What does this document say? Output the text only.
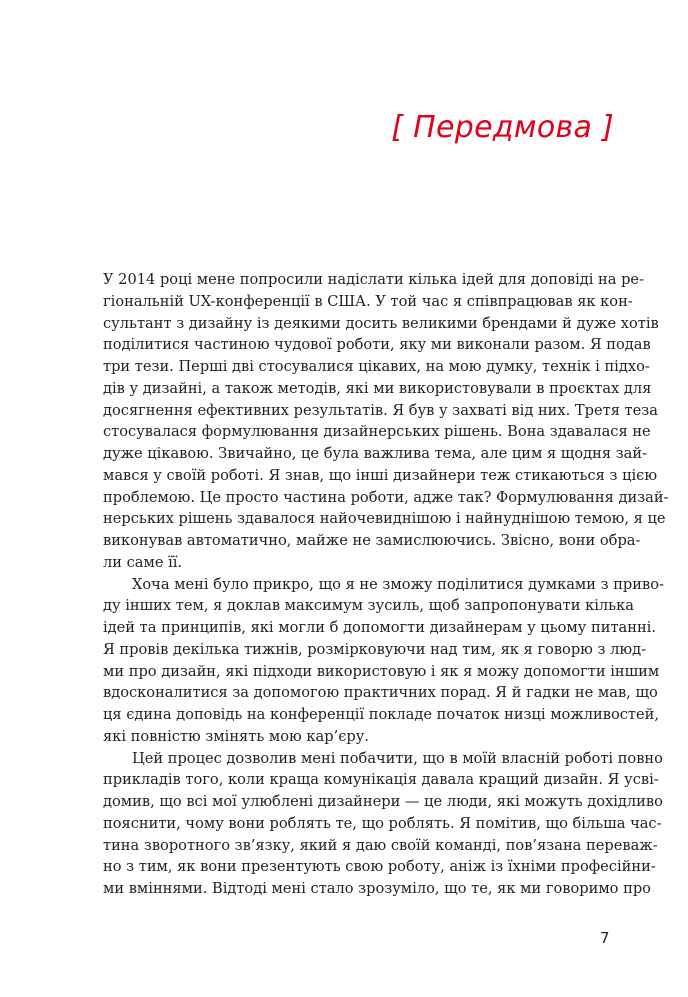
[ Передмова ]
У 2014 році мене попросили надіслати кілька ідей для доповіді на ре-
гіональній UX-конференції в США. У той час я співпрацював як кон-
сультант з дизайну із деякими досить великими брендами й дуже хотів
поділитися частиною чудової роботи, яку ми виконали разом. Я подав
три тези. Перші дві стосувалися цікавих, на мою думку, технік і підхо-
дів у дизайні, а також методів, які ми використовували в проєктах для
досягнення ефективних результатів. Я був у захваті від них. Третя теза
стосувалася формулювання дизайнерських рішень. Вона здавалася не
дуже цікавою. Звичайно, це була важлива тема, але цим я щодня зай-
мався у своїй роботі. Я знав, що інші дизайнери теж стикаються з цією
проблемою. Це просто частина роботи, адже так? Формулювання дизай-
нерських рішень здавалося найочевиднішою і найнуднішою темою, я це
виконував автоматично, майже не замислюючись. Звісно, вони обра-
ли саме її.
Хоча мені було прикро, що я не зможу поділитися думками з приво-
ду інших тем, я доклав максимум зусиль, щоб запропонувати кілька
ідей та принципів, які могли б допомогти дизайнерам у цьому питанні.
Я провів декілька тижнів, розмірковуючи над тим, як я говорю з люд-
ми про дизайн, які підходи використовую і як я можу допомогти іншим
вдосконалитися за допомогою практичних порад. Я й гадки не мав, що
ця єдина доповідь на конференції покладе початок низці можливостей,
які повністю змінять мою кар’єру.
Цей процес дозволив мені побачити, що в моїй власній роботі повно
прикладів того, коли краща комунікація давала кращий дизайн. Я усві-
домив, що всі мої улюблені дизайнери — це люди, які можуть дохідливо
пояснити, чому вони роблять те, що роблять. Я помітив, що більша час-
тина зворотного зв’язку, який я даю своїй команді, пов’язана переваж-
но з тим, як вони презентують свою роботу, аніж із їхніми професійни-
ми вміннями. Відтоді мені стало зрозуміло, що те, як ми говоримо про
7
